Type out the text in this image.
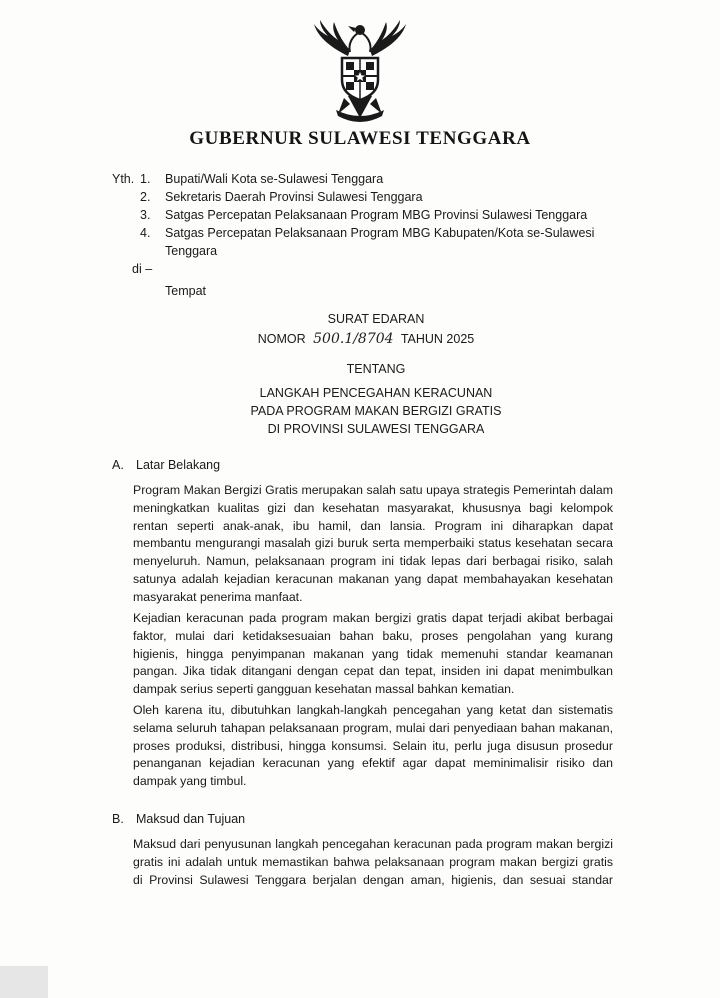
GUBERNUR SULAWESI TENGGARA
Yth. 1.	Bupati/Wali Kota se-Sulawesi Tenggara
2.	Sekretaris Daerah Provinsi Sulawesi Tenggara
3.	Satgas Percepatan Pelaksanaan Program MBG Provinsi Sulawesi Tenggara
4.	Satgas Percepatan Pelaksanaan Program MBG Kabupaten/Kota se-Sulawesi
Tenggara
di –
Tempat
SURAT EDARAN
NOMOR 500.1/8704 TAHUN 2025
TENTANG
LANGKAH PENCEGAHAN KERACUNAN
PADA PROGRAM MAKAN BERGIZI GRATIS
DI PROVINSI SULAWESI TENGGARA
A. Latar Belakang
Program Makan Bergizi Gratis merupakan salah satu upaya strategis Pemerintah dalam
meningkatkan kualitas gizi dan kesehatan masyarakat, khususnya bagi kelompok
rentan seperti anak-anak, ibu hamil, dan lansia. Program ini diharapkan dapat
membantu mengurangi masalah gizi buruk serta memperbaiki status kesehatan secara
menyeluruh. Namun, pelaksanaan program ini tidak lepas dari berbagai risiko, salah
satunya adalah kejadian keracunan makanan yang dapat membahayakan kesehatan
masyarakat penerima manfaat.
Kejadian keracunan pada program makan bergizi gratis dapat terjadi akibat berbagai
faktor, mulai dari ketidaksesuaian bahan baku, proses pengolahan yang kurang
higienis, hingga penyimpanan makanan yang tidak memenuhi standar keamanan
pangan. Jika tidak ditangani dengan cepat dan tepat, insiden ini dapat menimbulkan
dampak serius seperti gangguan kesehatan massal bahkan kematian.
Oleh karena itu, dibutuhkan langkah-langkah pencegahan yang ketat dan sistematis
selama seluruh tahapan pelaksanaan program, mulai dari penyediaan bahan makanan,
proses produksi, distribusi, hingga konsumsi. Selain itu, perlu juga disusun prosedur
penanganan kejadian keracunan yang efektif agar dapat meminimalisir risiko dan
dampak yang timbul.
B. Maksud dan Tujuan
Maksud dari penyusunan langkah pencegahan keracunan pada program makan bergizi
gratis ini adalah untuk memastikan bahwa pelaksanaan program makan bergizi gratis
di Provinsi Sulawesi Tenggara berjalan dengan aman, higienis, dan sesuai standar
